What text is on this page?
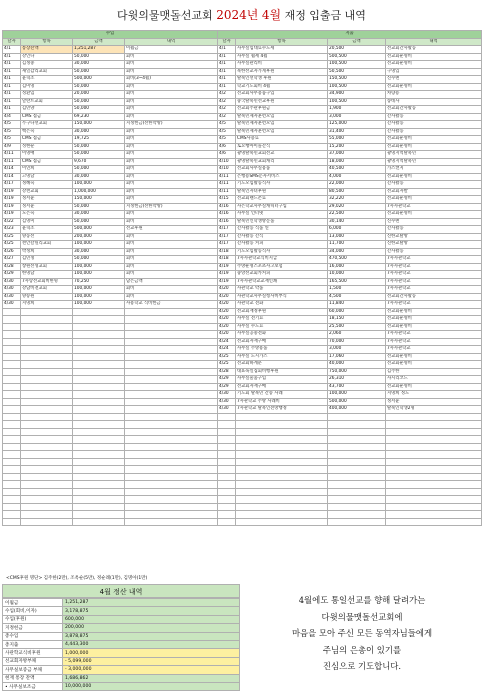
다윗의물맷돌선교회 2024년 4월 재정 입출금 내역
수입				지출			
날자	항목	금액	내역	날자	항목	금액	내역
4/1	통장잔액	1,251,287	이월금	4/1	사무실임대료수도세	20,500	선교회간사활동
4/1	강인나	50,000	회비	4/1	사무실 월세 4월	500,500	선교회운영비
4/1	김정중	30,000	회비	4/1	사무실관리비	100,500	선교회운영비
4/1	새일감리교회	50,000	회비	4/1	북한선교자가게후원	50,500	구명입
4/1	윤혁조	500,000	회비(3~4월)	4/1	탈북인선학생 후원	150,500	신수변
4/1	김미영	50,000	회비	4/1	학교기도회비 4월	100,500	선교회운영비
4/1	성환임	20,000	회비	4/2	선교회사무용품구입	34,900	차량용
4/1	달란트교회	50,000	회비	4/2	중국탈북민선교후원	100,500	송데사
4/1	김민양	50,000	회비	4/2	선교회주관후원금	1,900	선교회간사활동
4/4	CMS 접금	69,230	회비	4/2	탈북민제자훈련모임	3,000	간사활동
4/5	누구나선교회	150,000	지정헌금(선한약방)	4/5	탈북민제자훈련모임	125,000	간사활동
4/5	백은숙	30,000	회비	4/5	탈북민제자훈련모임	31,400	간사활동
4/5	CMS 접금	19,725	회비	4/5	CMS사용료	55,000	선교회운영비
4/9	성현순	50,000	회비	4/6	토요행아이돌간식	15,200	선교회운영비
4/11	이영애	50,000	회비	4/6	광명탈북민교회선교	37,000	광명지역탈북민
4/11	CMS 접금	9,670	회비	4/10	광명탈북민교회캐리	18,000	광명지역탈북민
4/14	이연희	50,000	회비	4/10	선교회사무실용품	40,500	가스캔지
4/14	고명남	30,000	회비	4/11	은행용SMS문자서비스	4,000	선교회운영비
4/17	정혜숙	100,000	회비	4/11	기도모임활동식사	22,000	간사활동
4/19	강천교회	1,000,000	회비	4/11	탈북인자녀후원	80,500	선교회자발
4/19	정서윤	150,000	회비	4/15	선교회렌드폰료	32,220	선교회운영비
4/19	정서윤	50,000	지정헌금(선한약방)	4/16	사은학교사무실캐릭터구입	29,020	7사사관학교
4/19	노은숙	30,000	회비	4/16	사무실 인터넷	22,500	선교회운영비
4/22	김영미	50,000	회비	4/16	탈북민인학생방문품	30,140	신수변
4/23	윤혁조	500,000	선교후원	4/17	간사활동 식품 연	6,000	간사활동
4/25	양동선	200,000	회비	4/17	간사활동 간식	13,000	신한교탈방
4/25	천안갈릴리교회	100,000	회비	4/17	간사활동 커피	11,700	신한교탈방
4/26	박정희	30,000	회비	4/18	기도모임활동식사	34,000	간사활동
4/27	김민정	50,000	회비	4/18	7사사관학교식비지급	470,500	7사사관학교
4/28	창원선성교회	100,000	회비	4/19	주방운영스포츠사고보험	16,000	7사사관학교
4/29	한명남	100,000	회비	4/19	중앙선교회카커피	10,000	7사사관학교
4/30	7사랑선교회비한명	70,250	남은금액	4/19	7사사관학교교재인쇄	165,500	7사사관학교
4/30	강남비전교회	100,000	회비	4/20	사관학교 약품	1,500	7사사관학교
4/30	양승원	100,000	회비	4/20	사관학교사무실청사비부식	4,500	선교회간사활동
4/30	지명희	100,000	사용학교 식비헌금	4/20	사관학교 전화	11,840	7사사관학교
				4/20	선교회재정후원	60,000	선교회운영비
				4/20	사무실 전기료	18,150	선교회운영비
				4/20	사무실 수도료	25,500	선교회운영비
				4/20	사무실공중전화	2,060	7사사관학교
				4/24	선교회자재구매	70,000	7사사관학교
				4/24	사무실 주방용품	3,000	7사사관학교
				4/25	사무실 도시가스	17,060	선교회운영비
				4/25	선교회하계분	40,000	선교회운영비
				4/28	대표독일집회비행후원	750,000	김주한
				4/29	사무실물품구입	26,310	사시리코드
				4/29	선교회자재구매	43,700	선교회운영비
				4/30	기도회 탈북민 간증 사례	100,000	지명희 정도
				4/30	7사관학교 주방 사례비	500,000	정서윤
				4/30	7사관학교 탈북인전방행정	400,000	탈북인학생2명

<CMS후원 명단> 김주한(2만), 조옥순(5만), 정순례(1만), 김명아(1만)
4월 정산 내역
이월금	1,251,287
수입(회비,이자)	3,178,875
수입(후원)	600,000
지정헌금	200,000
총수입	3,878,875
총지출	4,443,300
사관학교식비후원	1,000,000
선교회자방부채	- 5,099,000
사무실보증금 부채	- 3,000,000
현재 통장 잔액	1,686,862
• 사무실보조금	10,000,000
4월에도 통일선교를 향해 달려가는
다윗의물맷돌선교회에
마음을 모아 주신 모든 동역자님들에게
주님의 은총이 있기를
진심으로 기도합니다.
